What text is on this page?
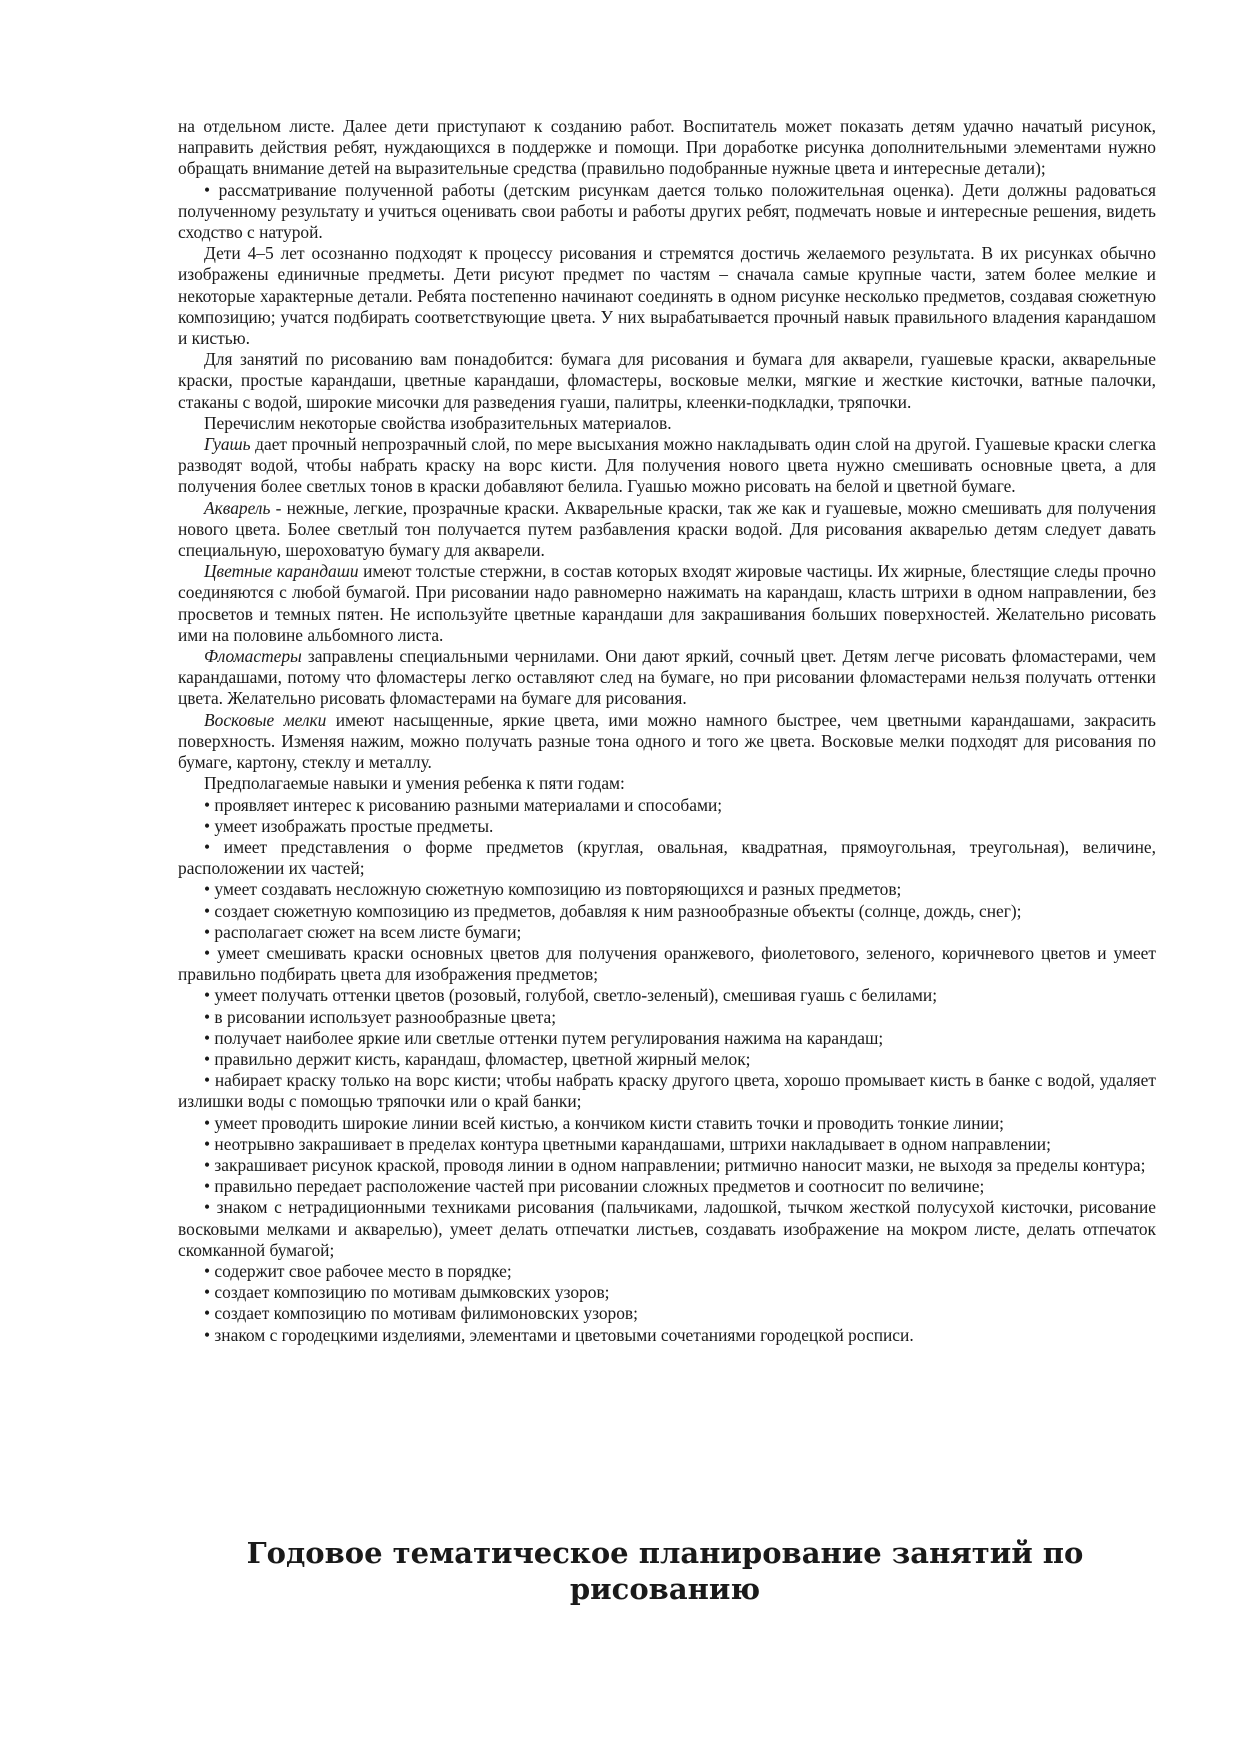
на отдельном листе. Далее дети приступают к созданию работ. Воспитатель может показать детям удачно начатый рисунок, направить действия ребят, нуждающихся в поддержке и помощи. При доработке рисунка дополнительными элементами нужно обращать внимание детей на выразительные средства (правильно подобранные нужные цвета и интересные детали);

• рассматривание полученной работы (детским рисункам дается только положительная оценка). Дети должны радоваться полученному результату и учиться оценивать свои работы и работы других ребят, подмечать новые и интересные решения, видеть сходство с натурой.

Дети 4–5 лет осознанно подходят к процессу рисования и стремятся достичь желаемого результата. В их рисунках обычно изображены единичные предметы. Дети рисуют предмет по частям – сначала самые крупные части, затем более мелкие и некоторые характерные детали. Ребята постепенно начинают соединять в одном рисунке несколько предметов, создавая сюжетную композицию; учатся подбирать соответствующие цвета. У них вырабатывается прочный навык правильного владения карандашом и кистью.

Для занятий по рисованию вам понадобится: бумага для рисования и бумага для акварели, гуашевые краски, акварельные краски, простые карандаши, цветные карандаши, фломастеры, восковые мелки, мягкие и жесткие кисточки, ватные палочки, стаканы с водой, широкие мисочки для разведения гуаши, палитры, клеенки-подкладки, тряпочки.

Перечислим некоторые свойства изобразительных материалов.

Гуашь дает прочный непрозрачный слой, по мере высыхания можно накладывать один слой на другой. Гуашевые краски слегка разводят водой, чтобы набрать краску на ворс кисти. Для получения нового цвета нужно смешивать основные цвета, а для получения более светлых тонов в краски добавляют белила. Гуашью можно рисовать на белой и цветной бумаге.

Акварель - нежные, легкие, прозрачные краски. Акварельные краски, так же как и гуашевые, можно смешивать для получения нового цвета. Более светлый тон получается путем разбавления краски водой. Для рисования акварелью детям следует давать специальную, шероховатую бумагу для акварели.

Цветные карандаши имеют толстые стержни, в состав которых входят жировые частицы. Их жирные, блестящие следы прочно соединяются с любой бумагой. При рисовании надо равномерно нажимать на карандаш, класть штрихи в одном направлении, без просветов и темных пятен. Не используйте цветные карандаши для закрашивания больших поверхностей. Желательно рисовать ими на половине альбомного листа.

Фломастеры заправлены специальными чернилами. Они дают яркий, сочный цвет. Детям легче рисовать фломастерами, чем карандашами, потому что фломастеры легко оставляют след на бумаге, но при рисовании фломастерами нельзя получать оттенки цвета. Желательно рисовать фломастерами на бумаге для рисования.

Восковые мелки имеют насыщенные, яркие цвета, ими можно намного быстрее, чем цветными карандашами, закрасить поверхность. Изменяя нажим, можно получать разные тона одного и того же цвета. Восковые мелки подходят для рисования по бумаге, картону, стеклу и металлу.

Предполагаемые навыки и умения ребенка к пяти годам:

• проявляет интерес к рисованию разными материалами и способами;

• умеет изображать простые предметы.

• имеет представления о форме предметов (круглая, овальная, квадратная, прямоугольная, треугольная), величине, расположении их частей;

• умеет создавать несложную сюжетную композицию из повторяющихся и разных предметов;

• создает сюжетную композицию из предметов, добавляя к ним разнообразные объекты (солнце, дождь, снег);

• располагает сюжет на всем листе бумаги;

• умеет смешивать краски основных цветов для получения оранжевого, фиолетового, зеленого, коричневого цветов и умеет правильно подбирать цвета для изображения предметов;

• умеет получать оттенки цветов (розовый, голубой, светло-зеленый), смешивая гуашь с белилами;

• в рисовании использует разнообразные цвета;

• получает наиболее яркие или светлые оттенки путем регулирования нажима на карандаш;

• правильно держит кисть, карандаш, фломастер, цветной жирный мелок;

• набирает краску только на ворс кисти; чтобы набрать краску другого цвета, хорошо промывает кисть в банке с водой, удаляет излишки воды с помощью тряпочки или о край банки;

• умеет проводить широкие линии всей кистью, а кончиком кисти ставить точки и проводить тонкие линии;

• неотрывно закрашивает в пределах контура цветными карандашами, штрихи накладывает в одном направлении;

• закрашивает рисунок краской, проводя линии в одном направлении; ритмично наносит мазки, не выходя за пределы контура;

• правильно передает расположение частей при рисовании сложных предметов и соотносит по величине;

• знаком с нетрадиционными техниками рисования (пальчиками, ладошкой, тычком жесткой полусухой кисточки, рисование восковыми мелками и акварелью), умеет делать отпечатки листьев, создавать изображение на мокром листе, делать отпечаток скомканной бумагой;

• содержит свое рабочее место в порядке;

• создает композицию по мотивам дымковских узоров;

• создает композицию по мотивам филимоновских узоров;

• знаком с городецкими изделиями, элементами и цветовыми сочетаниями городецкой росписи.

Годовое тематическое планирование занятий по рисованию
